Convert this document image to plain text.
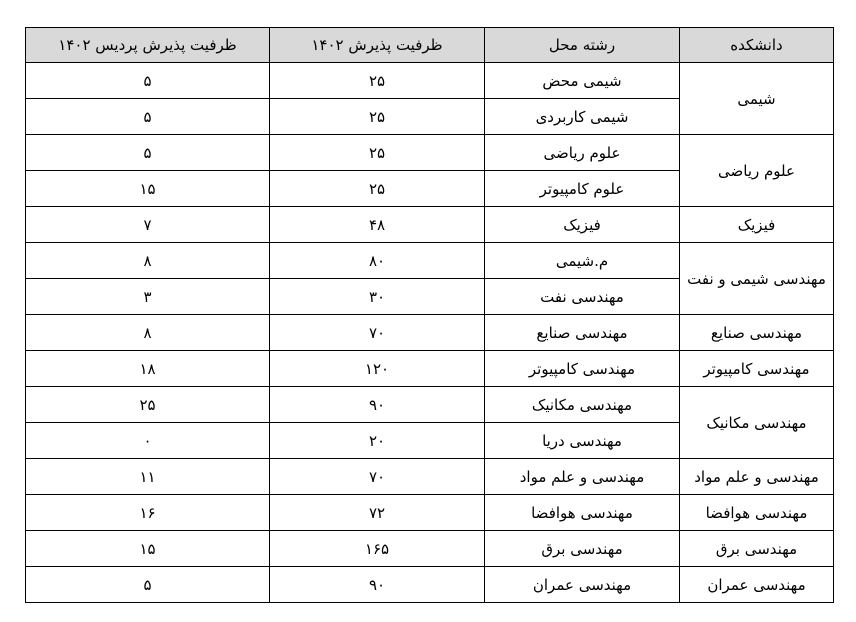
دانشکده	رشته محل	ظرفیت پذیرش ۱۴۰۲	ظرفیت پذیرش پردیس ۱۴۰۲
شیمی	شیمی محض	۲۵	۵
	شیمی کاربردی	۲۵	۵
علوم ریاضی	علوم ریاضی	۲۵	۵
	علوم کامپیوتر	۲۵	۱۵
فیزیک	فیزیک	۴۸	۷
مهندسی شیمی و نفت	م.شیمی	۸۰	۸
	مهندسی نفت	۳۰	۳
مهندسی صنایع	مهندسی صنایع	۷۰	۸
مهندسی کامپیوتر	مهندسی کامپیوتر	۱۲۰	۱۸
مهندسی مکانیک	مهندسی مکانیک	۹۰	۲۵
	مهندسی دریا	۲۰	۰
مهندسی و علم مواد	مهندسی و علم مواد	۷۰	۱۱
مهندسی هوافضا	مهندسی هوافضا	۷۲	۱۶
مهندسی برق	مهندسی برق	۱۶۵	۱۵
مهندسی عمران	مهندسی عمران	۹۰	۵
